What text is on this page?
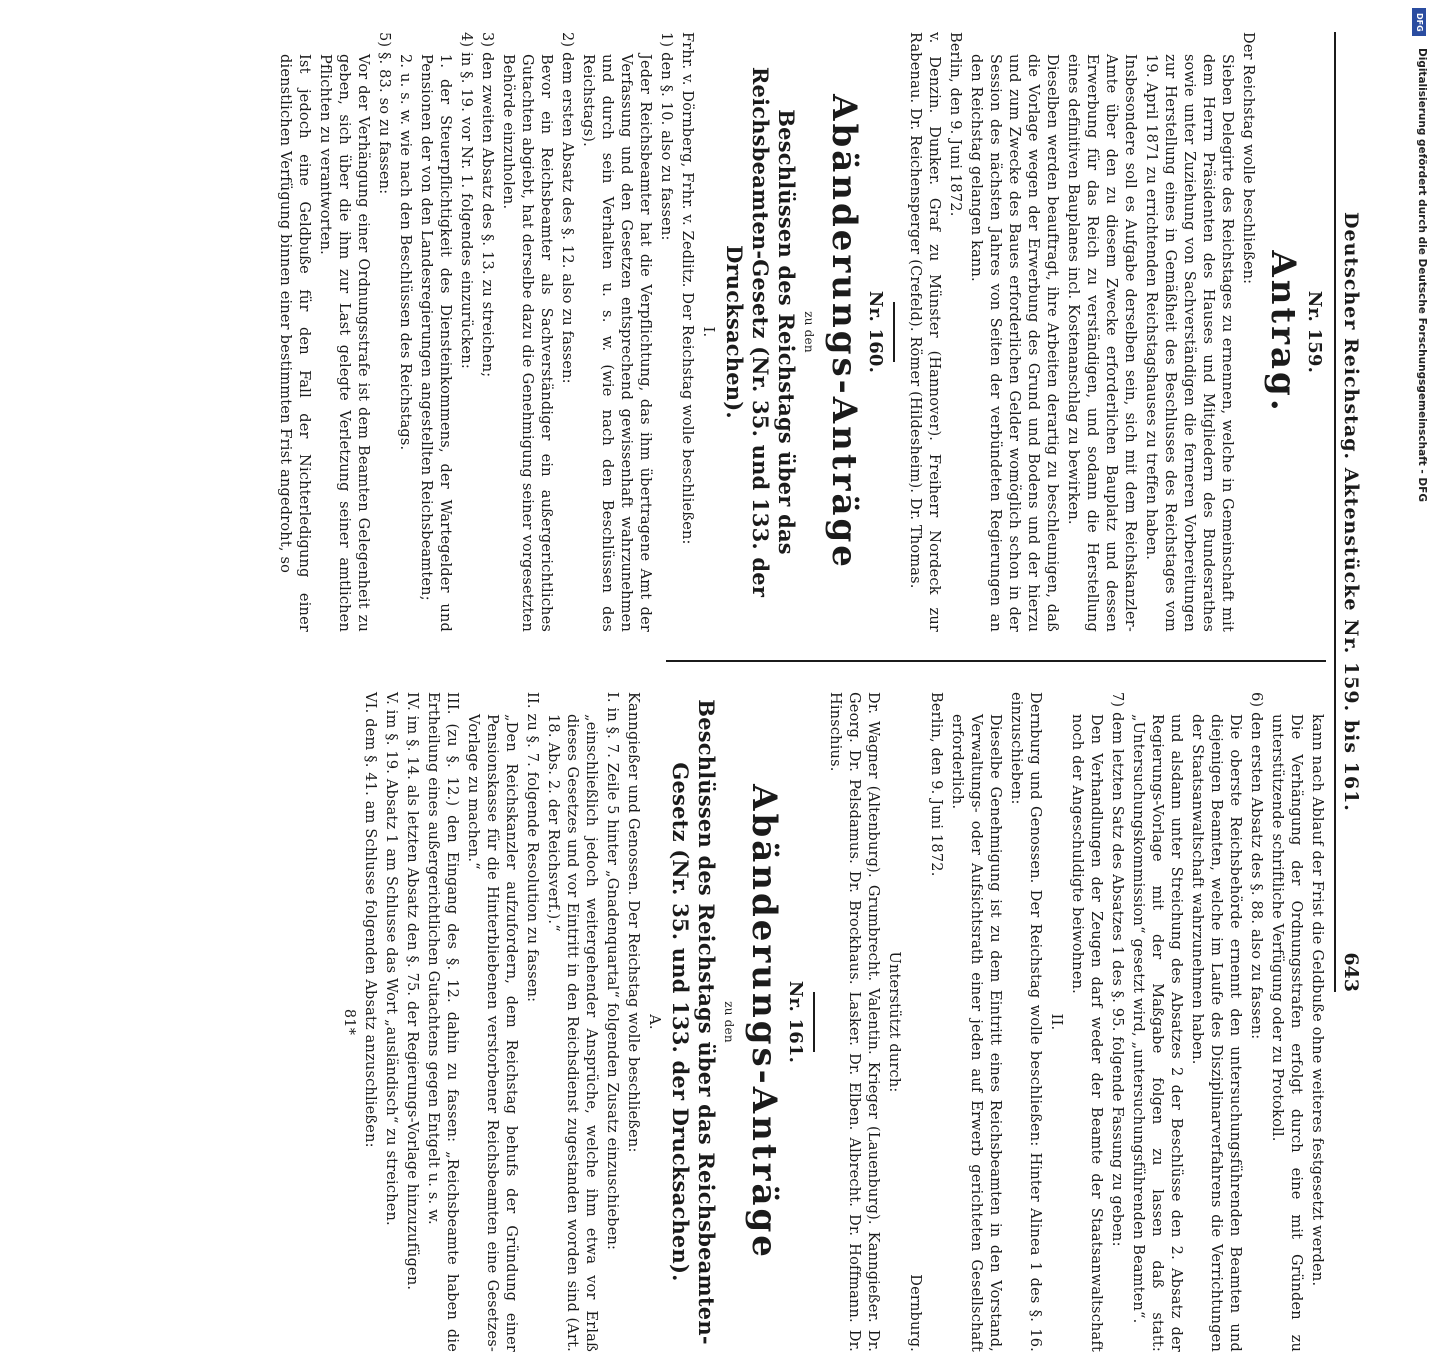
Deutscher Reichstag. Aktenstücke Nr. 159. bis 161.
643
Nr. 159.
Antrag.

Der Reichstag wolle beschließen:

Sieben Delegirte des Reichstages zu ernennen, welche in Gemeinschaft mit dem Herrn Präsidenten des Hauses und Mitgliedern des Bundesrathes sowie unter Zuziehung von Sachverständigen die ferneren Vorbereitungen zur Herstellung eines in Gemäßheit des Beschlusses des Reichstages vom 19. April 1871 zu errichtenden Reichstagshauses zu treffen haben.

Insbesondere soll es Aufgabe derselben sein, sich mit dem Reichskanzler-Amte über den zu diesem Zwecke erforderlichen Bauplatz und dessen Erwerbung für das Reich zu verständigen, und sodann die Herstellung eines definitiven Bauplanes incl. Kostenanschlag zu bewirken.

Dieselben werden beauftragt, ihre Arbeiten derartig zu beschleunigen, daß die Vorlage wegen der Erwerbung des Grund und Bodens und der hierzu und zum Zwecke des Baues erforderlichen Gelder womöglich schon in der Session des nächsten Jahres von Seiten der verbündeten Regierungen an den Reichstag gelangen kann.

Berlin, den 9. Juni 1872.

v. Denzin. Dunker. Graf zu Münster (Hannover). Freiherr Nordeck zur Rabenau. Dr. Reichensperger (Crefeld). Römer (Hildesheim). Dr. Thomas.

Nr. 160.
Abänderungs-Anträge
zu den
Beschlüssen des Reichstags über das Reichsbeamten-Gesetz (Nr. 35. und 133. der Drucksachen).
I.

Frhr. v. Dörnberg, Frhr. v. Zedlitz. Der Reichstag wolle beschließen:

1) den §. 10. also zu fassen:

Jeder Reichsbeamter hat die Verpflichtung, das ihm übertragene Amt der Verfassung und den Gesetzen entsprechend gewissenhaft wahrzunehmen und durch sein Verhalten u. s. w. (wie nach den Beschlüssen des Reichstags).

2) dem ersten Absatz des §. 12. also zu fassen:

Bevor ein Reichsbeamter als Sachverständiger ein außergerichtliches Gutachten abgiebt, hat derselbe dazu die Genehmigung seiner vorgesetzten Behörde einzuholen.

3) den zweiten Absatz des §. 13. zu streichen;

4) in §. 19. vor Nr. 1. folgendes einzurücken:

1. der Steuerpflichtigkeit des Diensteinkommens, der Wartegelder und Pensionen der von den Landesregierungen angestellten Reichsbeamten;

2. u. s. w. wie nach den Beschlüssen des Reichstags.

5) §. 83. so zu fassen:

Vor der Verhängung einer Ordnungsstrafe ist dem Beamten Gelegenheit zu geben, sich über die ihm zur Last gelegte Verletzung seiner amtlichen Pflichten zu verantworten.

Ist jedoch eine Geldbuße für den Fall der Nichterledigung einer dienstlichen Verfügung binnen einer bestimmten Frist angedroht, so

kann nach Ablauf der Frist die Geldbuße ohne weiteres festgesetzt werden.

Die Verhängung der Ordnungsstrafen erfolgt durch eine mit Gründen zu unterstützende schriftliche Verfügung oder zu Protokoll.

6) den ersten Absatz des §. 88. also zu fassen:

Die oberste Reichsbehörde ernennt den untersuchungsführenden Beamten und diejenigen Beamten, welche im Laufe des Disziplinarverfahrens die Verrichtungen der Staatsanwaltschaft wahrzunehmen haben.

und alsdann unter Streichung des Absatzes 2 der Beschlüsse den 2. Absatz der Regierungs-Vorlage mit der Maßgabe folgen zu lassen daß statt: „Untersuchungskommission“ gesetzt wird, „untersuchungsführenden Beamten“.

7) dem letzten Satz des Absatzes 1 des §. 95. folgende Fassung zu geben:

Den Verhandlungen der Zeugen darf weder der Beamte der Staatsanwaltschaft noch der Angeschuldigte beiwohnen.

II.

Dernburg und Genossen. Der Reichstag wolle beschließen: Hinter Alinea 1 des §. 16. einzuschieben:

Dieselbe Genehmigung ist zu dem Eintritt eines Reichsbeamten in den Vorstand, Verwaltungs- oder Aufsichtsrath einer jeden auf Erwerb gerichteten Gesellschaft erforderlich.

Berlin, den 9. Juni 1872.

Dernburg.

Unterstützt durch:

Dr. Wagner (Altenburg). Grumbrecht. Valentin. Krieger (Lauenburg). Kanngießer. Dr. Georg. Dr. Pelsdamus. Dr. Brockhaus. Lasker. Dr. Elben. Albrecht. Dr. Hoffmann. Dr. Hinschius.

Nr. 161.
Abänderungs-Anträge
zu den
Beschlüssen des Reichstags über das Reichsbeamten-Gesetz (Nr. 35. und 133. der Drucksachen).
A.

Kanngießer und Genossen. Der Reichstag wolle beschließen:

I. in §. 7. Zeile 5 hinter „Gnadenquartal“ folgenden Zusatz einzuschieben:

„einschließlich jedoch weitergehender Ansprüche, welche ihm etwa vor Erlaß dieses Gesetzes und vor Eintritt in den Reichsdienst zugestanden worden sind (Art. 18. Abs. 2. der Reichsverf.).“

II. zu §. 7. folgende Resolution zu fassen:

„Den Reichskanzler aufzufordern, dem Reichstag behufs der Gründung einer Pensionskasse für die Hinterbliebenen verstorbener Reichsbeamten eine Gesetzes-Vorlage zu machen.“

III. (zu §. 12.) den Eingang des §. 12. dahin zu fassen: „Reichsbeamte haben die Ertheilung eines außergerichtlichen Gutachtens gegen Entgelt u. s. w.

IV. im §. 14. als letzten Absatz den §. 75. der Regierungs-Vorlage hinzuzufügen.

V. im §. 19. Absatz 1 am Schlusse das Wort „ausländisch“ zu streichen.

VI. dem §. 41. am Schlusse folgenden Absatz anzuschließen:

81*

DFG
Digitalisierung gefördert durch die Deutsche Forschungsgemeinschaft - DFG
